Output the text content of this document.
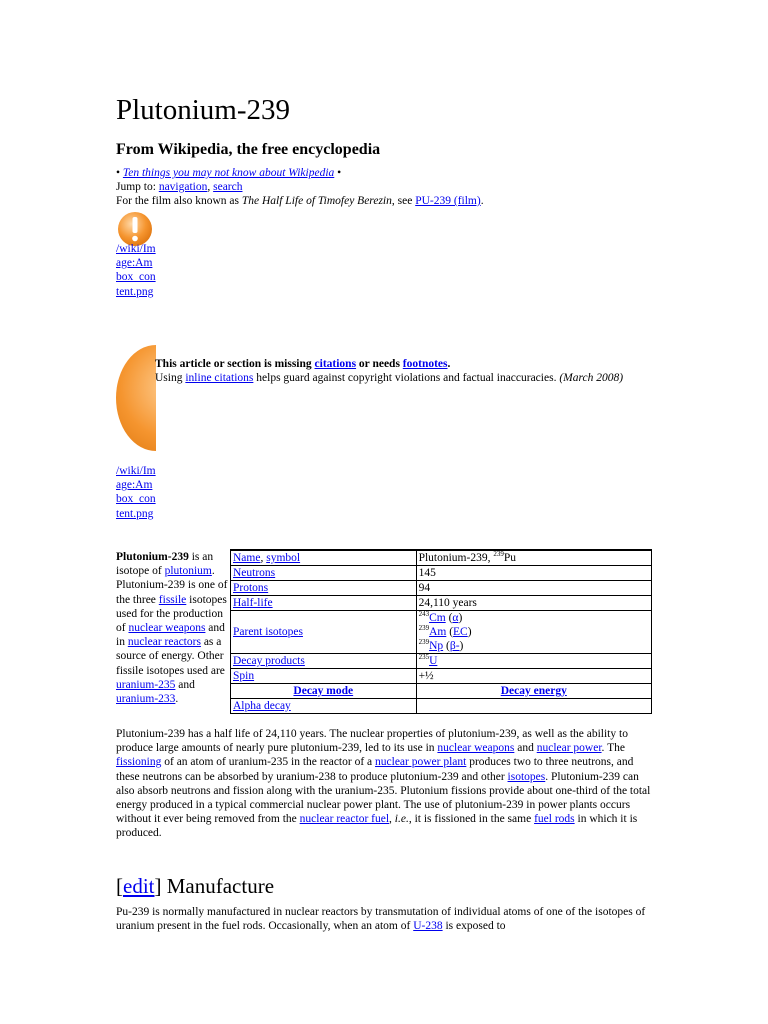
Plutonium-239
From Wikipedia, the free encyclopedia
• Ten things you may not know about Wikipedia •
Jump to: navigation, search
For the film also known as The Half Life of Timofey Berezin, see PU-239 (film).
/wiki/Image:Ambox_content.png
This article or section is missing citations or needs footnotes.
Using inline citations helps guard against copyright violations and factual inaccuracies. (March 2008)
/wiki/Image:Ambox_content.png
Plutonium-239 is an isotope of plutonium. Plutonium-239 is one of the three fissile isotopes used for the production of nuclear weapons and in nuclear reactors as a source of energy. Other fissile isotopes used are uranium-235 and uranium-233.
Name, symbol	Plutonium-239, $^{239}$Pu
Neutrons	145
Protons	94
Half-life	24,110 years
Parent isotopes	$^{243}$Cm (α)
$^{239}$Am (EC)
$^{239}$Np (β-)

Decay products	$^{235}$U
Spin	+½
Decay mode	Decay energy
Alpha decay	
Plutonium-239 has a half life of 24,110 years. The nuclear properties of plutonium-239, as well as the ability to produce large amounts of nearly pure plutonium-239, led to its use in nuclear weapons and nuclear power. The fissioning of an atom of uranium-235 in the reactor of a nuclear power plant produces two to three neutrons, and these neutrons can be absorbed by uranium-238 to produce plutonium-239 and other isotopes. Plutonium-239 can also absorb neutrons and fission along with the uranium-235. Plutonium fissions provide about one-third of the total energy produced in a typical commercial nuclear power plant. The use of plutonium-239 in power plants occurs without it ever being removed from the nuclear reactor fuel, i.e., it is fissioned in the same fuel rods in which it is produced.
[edit] Manufacture
Pu-239 is normally manufactured in nuclear reactors by transmutation of individual atoms of one of the isotopes of uranium present in the fuel rods. Occasionally, when an atom of U-238 is exposed to
